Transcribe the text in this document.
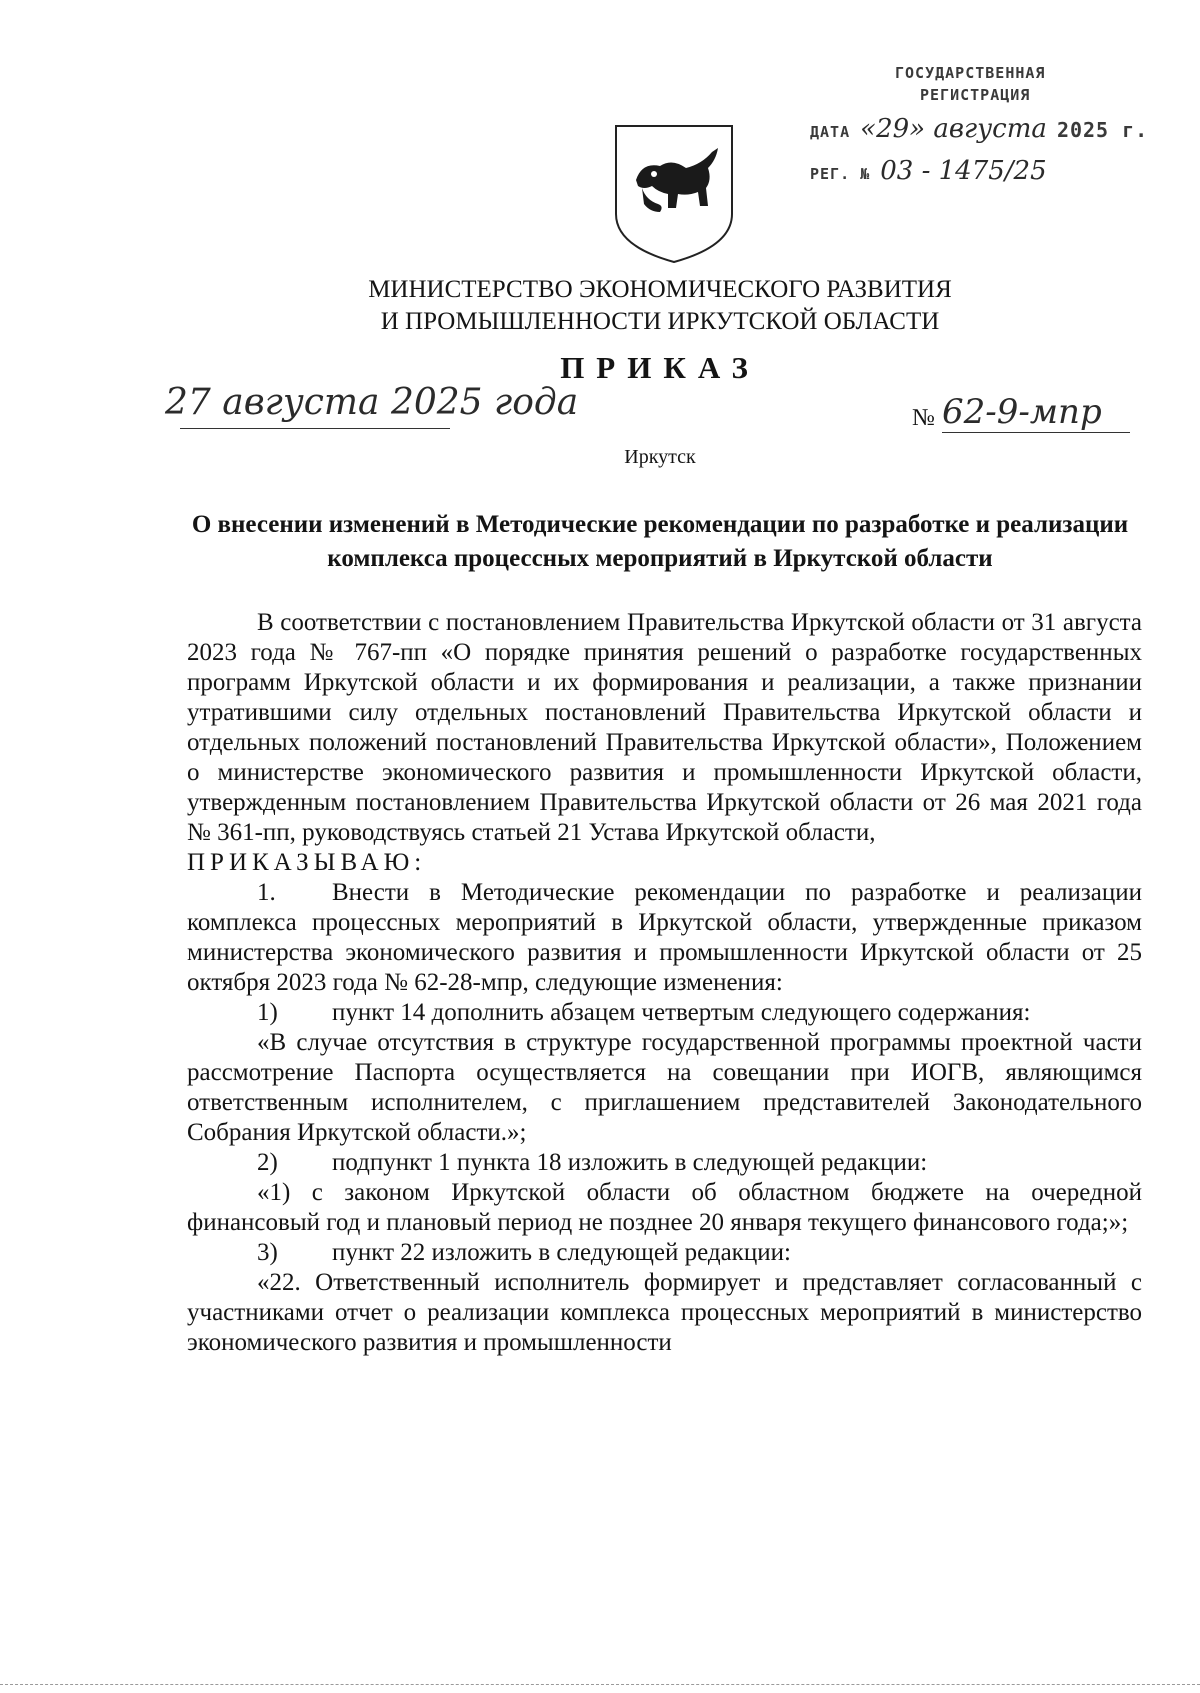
ГОСУДАРСТВЕННАЯ
РЕГИСТРАЦИЯ
ДАТА «29» августа 2025 г.
РЕГ. № 03 - 1475/25
МИНИСТЕРСТВО ЭКОНОМИЧЕСКОГО РАЗВИТИЯ
И ПРОМЫШЛЕННОСТИ ИРКУТСКОЙ ОБЛАСТИ
ПРИКАЗ
27 августа 2025 года	№ 62-9-мпр
Иркутск
О внесении изменений в Методические рекомендации по разработке и реализации комплекса процессных мероприятий в Иркутской области

В соответствии с постановлением Правительства Иркутской области от 31 августа 2023 года № 767-пп «О порядке принятия решений о разработке государственных программ Иркутской области и их формирования и реализации, а также признании утратившими силу отдельных постановлений Правительства Иркутской области и отдельных положений постановлений Правительства Иркутской области», Положением о министерстве экономического развития и промышленности Иркутской области, утвержденным постановлением Правительства Иркутской области от 26 мая 2021 года № 361-пп, руководствуясь статьей 21 Устава Иркутской области,

ПРИКАЗЫВАЮ:

1. Внести в Методические рекомендации по разработке и реализации комплекса процессных мероприятий в Иркутской области, утвержденные приказом министерства экономического развития и промышленности Иркутской области от 25 октября 2023 года № 62-28-мпр, следующие изменения:

1) пункт 14 дополнить абзацем четвертым следующего содержания:

«В случае отсутствия в структуре государственной программы проектной части рассмотрение Паспорта осуществляется на совещании при ИОГВ, являющимся ответственным исполнителем, с приглашением представителей Законодательного Собрания Иркутской области.»;

2) подпункт 1 пункта 18 изложить в следующей редакции:

«1) с законом Иркутской области об областном бюджете на очередной финансовый год и плановый период не позднее 20 января текущего финансового года;»;

3) пункт 22 изложить в следующей редакции:

«22. Ответственный исполнитель формирует и представляет согласованный с участниками отчет о реализации комплекса процессных мероприятий в министерство экономического развития и промышленности
